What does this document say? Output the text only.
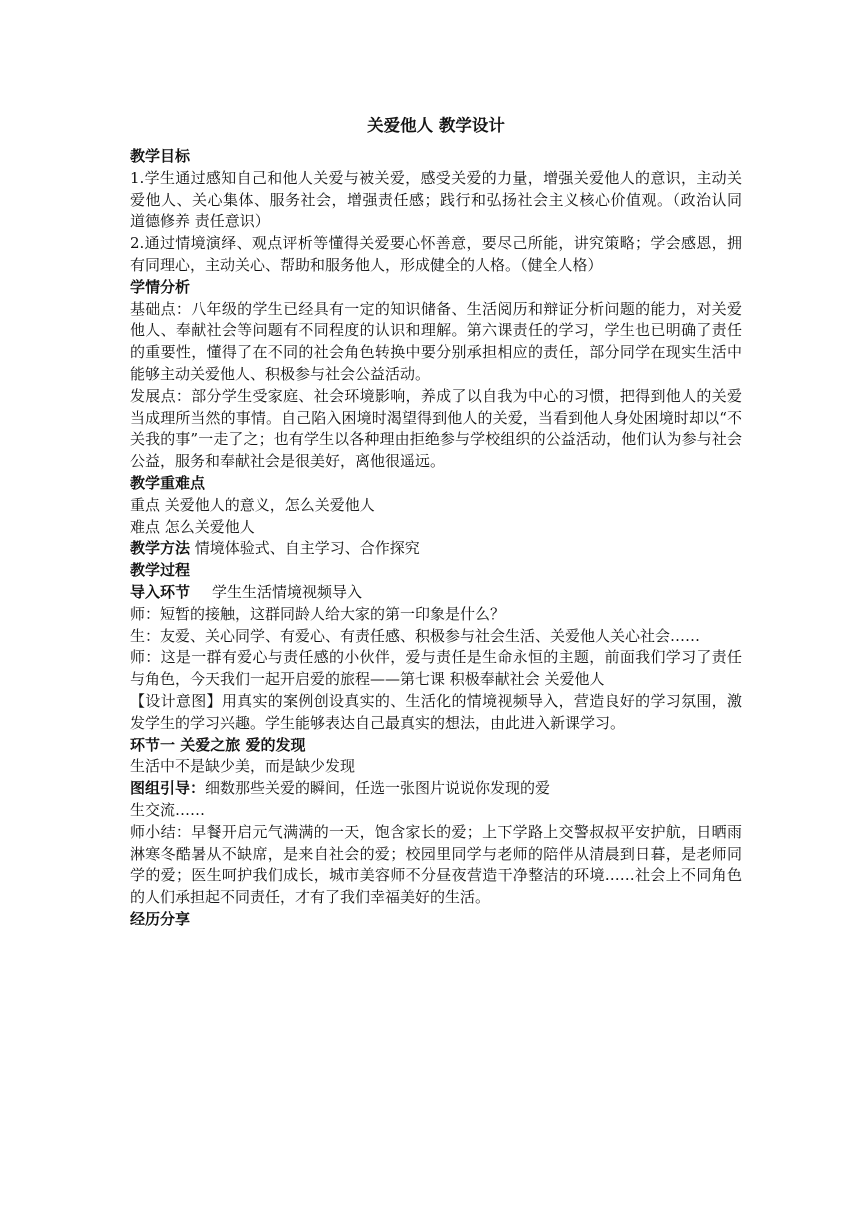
关爱他人 教学设计

教学目标

1.学生通过感知自己和他人关爱与被关爱，感受关爱的力量，增强关爱他人的意识，主动关爱他人、关心集体、服务社会，增强责任感；践行和弘扬社会主义核心价值观。（政治认同 道德修养 责任意识）

2.通过情境演绎、观点评析等懂得关爱要心怀善意，要尽己所能，讲究策略；学会感恩，拥有同理心，主动关心、帮助和服务他人，形成健全的人格。（健全人格）

学情分析

基础点：八年级的学生已经具有一定的知识储备、生活阅历和辩证分析问题的能力，对关爱他人、奉献社会等问题有不同程度的认识和理解。第六课责任的学习，学生也已明确了责任的重要性，懂得了在不同的社会角色转换中要分别承担相应的责任，部分同学在现实生活中能够主动关爱他人、积极参与社会公益活动。

发展点：部分学生受家庭、社会环境影响，养成了以自我为中心的习惯，把得到他人的关爱当成理所当然的事情。自己陷入困境时渴望得到他人的关爱，当看到他人身处困境时却以“不关我的事”一走了之；也有学生以各种理由拒绝参与学校组织的公益活动，他们认为参与社会公益，服务和奉献社会是很美好，离他很遥远。

教学重难点

重点 关爱他人的意义，怎么关爱他人

难点 怎么关爱他人

教学方法 情境体验式、自主学习、合作探究

教学过程

导入环节 学生生活情境视频导入

师：短暂的接触，这群同龄人给大家的第一印象是什么？

生：友爱、关心同学、有爱心、有责任感、积极参与社会生活、关爱他人关心社会……

师：这是一群有爱心与责任感的小伙伴，爱与责任是生命永恒的主题，前面我们学习了责任与角色，今天我们一起开启爱的旅程——第七课 积极奉献社会 关爱他人

【设计意图】用真实的案例创设真实的、生活化的情境视频导入，营造良好的学习氛围，激发学生的学习兴趣。学生能够表达自己最真实的想法，由此进入新课学习。

环节一 关爱之旅 爱的发现

生活中不是缺少美，而是缺少发现

图组引导：细数那些关爱的瞬间，任选一张图片说说你发现的爱

生交流……

师小结：早餐开启元气满满的一天，饱含家长的爱；上下学路上交警叔叔平安护航，日晒雨淋寒冬酷暑从不缺席，是来自社会的爱；校园里同学与老师的陪伴从清晨到日暮，是老师同学的爱；医生呵护我们成长，城市美容师不分昼夜营造干净整洁的环境……社会上不同角色的人们承担起不同责任，才有了我们幸福美好的生活。

经历分享
